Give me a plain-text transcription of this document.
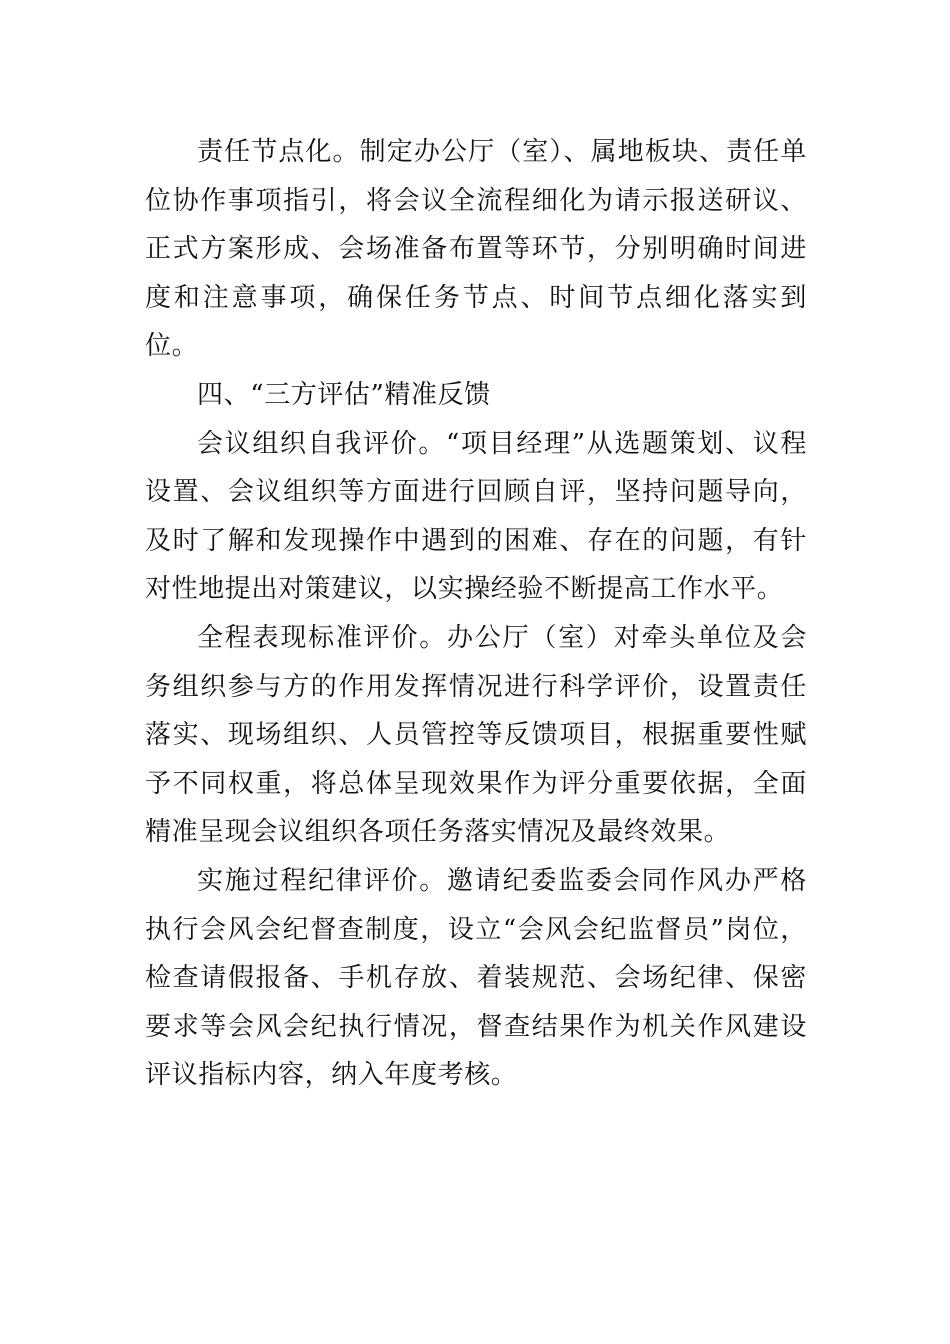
责任节点化。制定办公厅（室）、属地板块、责任单位协作事项指引，将会议全流程细化为请示报送研议、正式方案形成、会场准备布置等环节，分别明确时间进度和注意事项，确保任务节点、时间节点细化落实到位。

四、“三方评估”精准反馈

会议组织自我评价。“项目经理”从选题策划、议程设置、会议组织等方面进行回顾自评，坚持问题导向，及时了解和发现操作中遇到的困难、存在的问题，有针对性地提出对策建议，以实操经验不断提高工作水平。

全程表现标准评价。办公厅（室）对牵头单位及会务组织参与方的作用发挥情况进行科学评价，设置责任落实、现场组织、人员管控等反馈项目，根据重要性赋予不同权重，将总体呈现效果作为评分重要依据，全面精准呈现会议组织各项任务落实情况及最终效果。

实施过程纪律评价。邀请纪委监委会同作风办严格执行会风会纪督查制度，设立“会风会纪监督员”岗位，检查请假报备、手机存放、着装规范、会场纪律、保密要求等会风会纪执行情况，督查结果作为机关作风建设评议指标内容，纳入年度考核。
